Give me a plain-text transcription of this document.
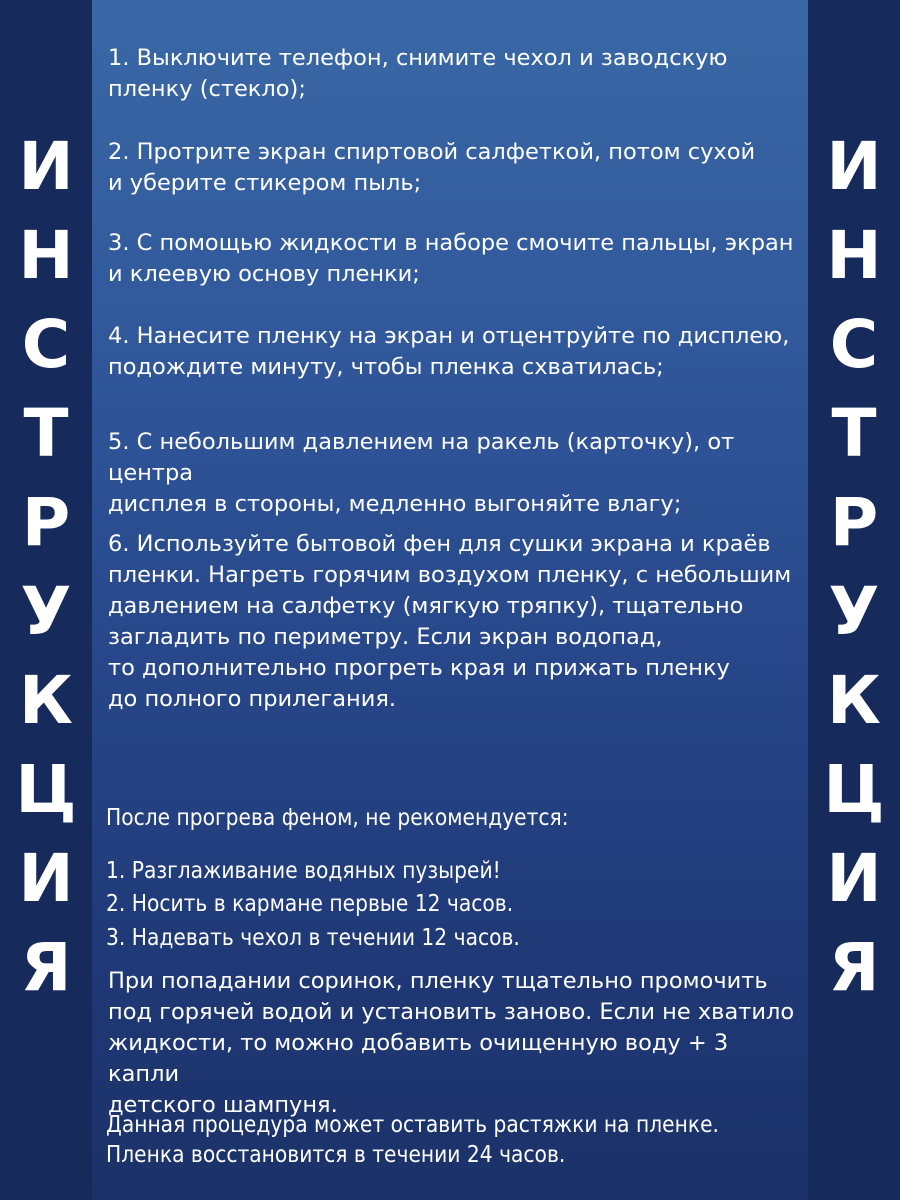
И
Н
С
Т
Р
У
К
Ц
И
Я
И
Н
С
Т
Р
У
К
Ц
И
Я

1. Выключите телефон, снимите чехол и заводскую
пленку (стекло);

2. Протрите экран спиртовой салфеткой, потом сухой
и уберите стикером пыль;

3. С помощью жидкости в наборе смочите пальцы, экран
и клеевую основу пленки;

4. Нанесите пленку на экран и отцентруйте по дисплею,
подождите минуту, чтобы пленка схватилась;

5. С небольшим давлением на ракель (карточку), от центра
дисплея в стороны, медленно выгоняйте влагу;

6. Используйте бытовой фен для сушки экрана и краёв
пленки. Нагреть горячим воздухом пленку, с небольшим
давлением на салфетку (мягкую тряпку), тщательно
загладить по периметру. Если экран водопад,
то дополнительно прогреть края и прижать пленку
до полного прилегания.

После прогрева феном, не рекомендуется:

1. Разглаживание водяных пузырей!

2. Носить в кармане первые 12 часов.

3. Надевать чехол в течении 12 часов.

При попадании соринок, пленку тщательно промочить
под горячей водой и установить заново. Если не хватило
жидкости, то можно добавить очищенную воду + 3 капли
детского шампуня.

Данная процедура может оставить растяжки на пленке.
Пленка восстановится в течении 24 часов.
